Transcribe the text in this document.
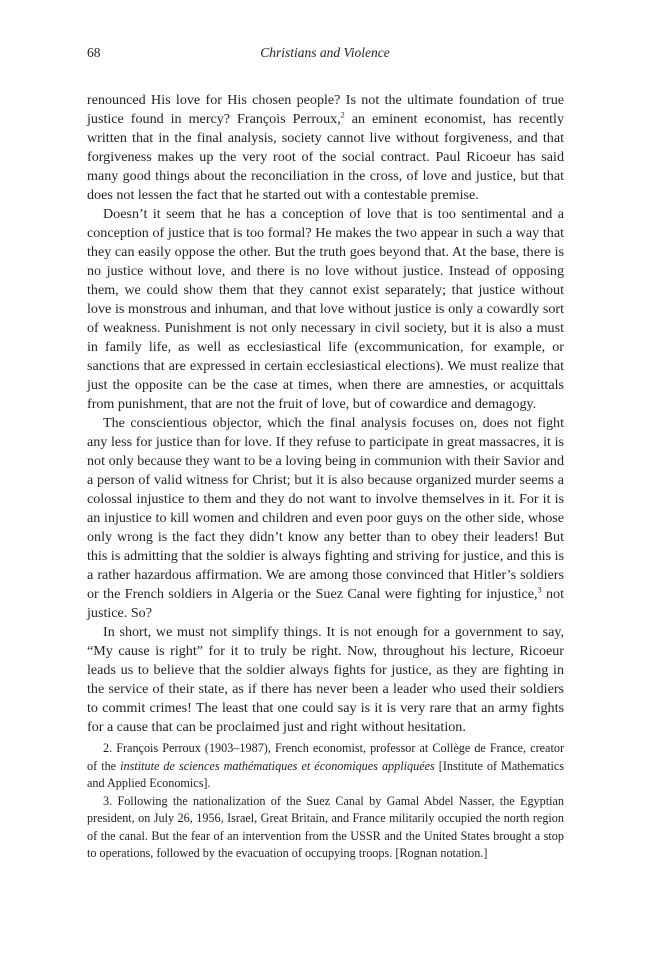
68	Christians and Violence

renounced His love for His chosen people? Is not the ultimate foundation of true justice found in mercy? François Perroux,$^2$ an eminent economist, has recently written that in the final analysis, society cannot live without forgiveness, and that forgiveness makes up the very root of the social contract. Paul Ricoeur has said many good things about the reconciliation in the cross, of love and justice, but that does not lessen the fact that he started out with a contestable premise.

Doesn’t it seem that he has a conception of love that is too sentimental and a conception of justice that is too formal? He makes the two appear in such a way that they can easily oppose the other. But the truth goes beyond that. At the base, there is no justice without love, and there is no love without justice. Instead of opposing them, we could show them that they cannot exist separately; that justice without love is monstrous and inhuman, and that love without justice is only a cowardly sort of weakness. Punishment is not only necessary in civil society, but it is also a must in family life, as well as ecclesiastical life (excommunication, for example, or sanctions that are expressed in certain ecclesiastical elections). We must realize that just the opposite can be the case at times, when there are amnesties, or acquittals from punishment, that are not the fruit of love, but of cowardice and demagogy.

The conscientious objector, which the final analysis focuses on, does not fight any less for justice than for love. If they refuse to participate in great massacres, it is not only because they want to be a loving being in communion with their Savior and a person of valid witness for Christ; but it is also because organized murder seems a colossal injustice to them and they do not want to involve themselves in it. For it is an injustice to kill women and children and even poor guys on the other side, whose only wrong is the fact they didn’t know any better than to obey their leaders! But this is admitting that the soldier is always fighting and striving for justice, and this is a rather hazardous affirmation. We are among those convinced that Hitler’s soldiers or the French soldiers in Algeria or the Suez Canal were fighting for injustice,$^3$ not justice. So?

In short, we must not simplify things. It is not enough for a government to say, “My cause is right” for it to truly be right. Now, throughout his lecture, Ricoeur leads us to believe that the soldier always fights for justice, as they are fighting in the service of their state, as if there has never been a leader who used their soldiers to commit crimes! The least that one could say is it is very rare that an army fights for a cause that can be proclaimed just and right without hesitation.

2. François Perroux (1903–1987), French economist, professor at Collège de France, creator of the institute de sciences mathématiques et économiques appliquées [Institute of Mathematics and Applied Economics].

3. Following the nationalization of the Suez Canal by Gamal Abdel Nasser, the Egyptian president, on July 26, 1956, Israel, Great Britain, and France militarily occupied the north region of the canal. But the fear of an intervention from the USSR and the United States brought a stop to operations, followed by the evacuation of occupying troops. [Rognan notation.]
